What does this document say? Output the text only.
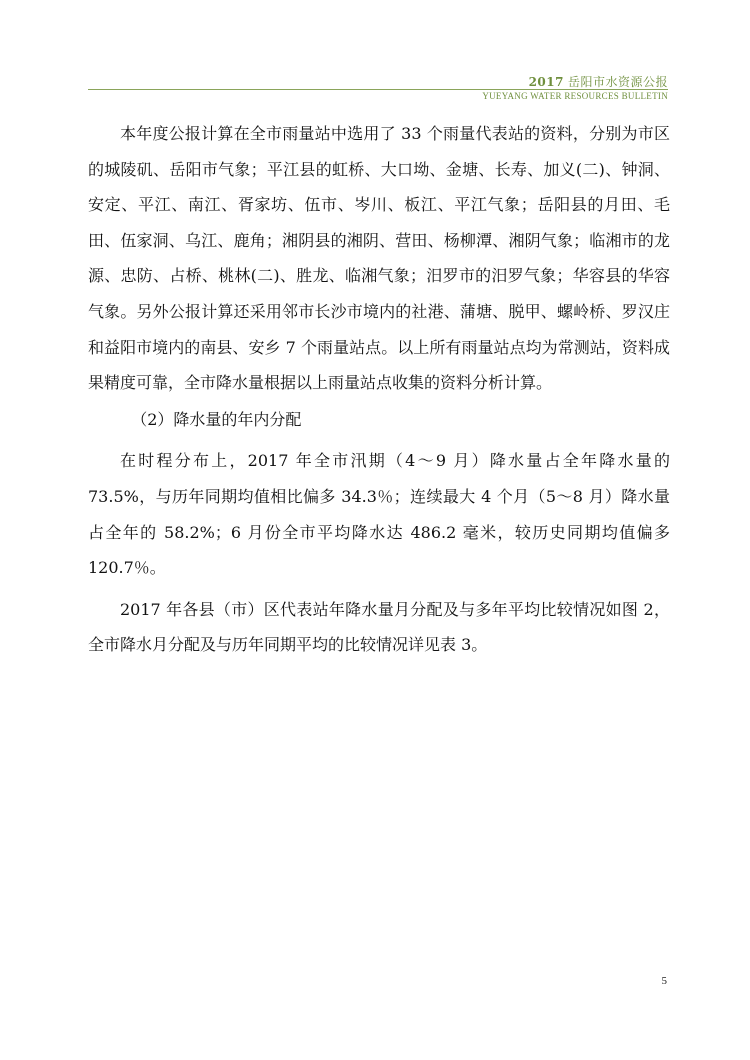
2017 岳阳市水资源公报
YUEYANG WATER RESOURCES BULLETIN

本年度公报计算在全市雨量站中选用了 33 个雨量代表站的资料，分别为市区的城陵矶、岳阳市气象；平江县的虹桥、大口坳、金塘、长寿、加义(二)、钟洞、安定、平江、南江、胥家坊、伍市、岑川、板江、平江气象；岳阳县的月田、毛田、伍家洞、乌江、鹿角；湘阴县的湘阴、营田、杨柳潭、湘阴气象；临湘市的龙源、忠防、占桥、桃林(二)、胜龙、临湘气象；汨罗市的汨罗气象；华容县的华容气象。另外公报计算还采用邻市长沙市境内的社港、蒲塘、脱甲、螺岭桥、罗汉庄和益阳市境内的南县、安乡 7 个雨量站点。以上所有雨量站点均为常测站，资料成果精度可靠，全市降水量根据以上雨量站点收集的资料分析计算。

（2）降水量的年内分配

在时程分布上，2017 年全市汛期（4～9 月）降水量占全年降水量的 73.5%，与历年同期均值相比偏多 34.3％；连续最大 4 个月（5～8 月）降水量占全年的 58.2%；6 月份全市平均降水达 486.2 毫米，较历史同期均值偏多 120.7％。

2017 年各县（市）区代表站年降水量月分配及与多年平均比较情况如图 2，全市降水月分配及与历年同期平均的比较情况详见表 3。

5
